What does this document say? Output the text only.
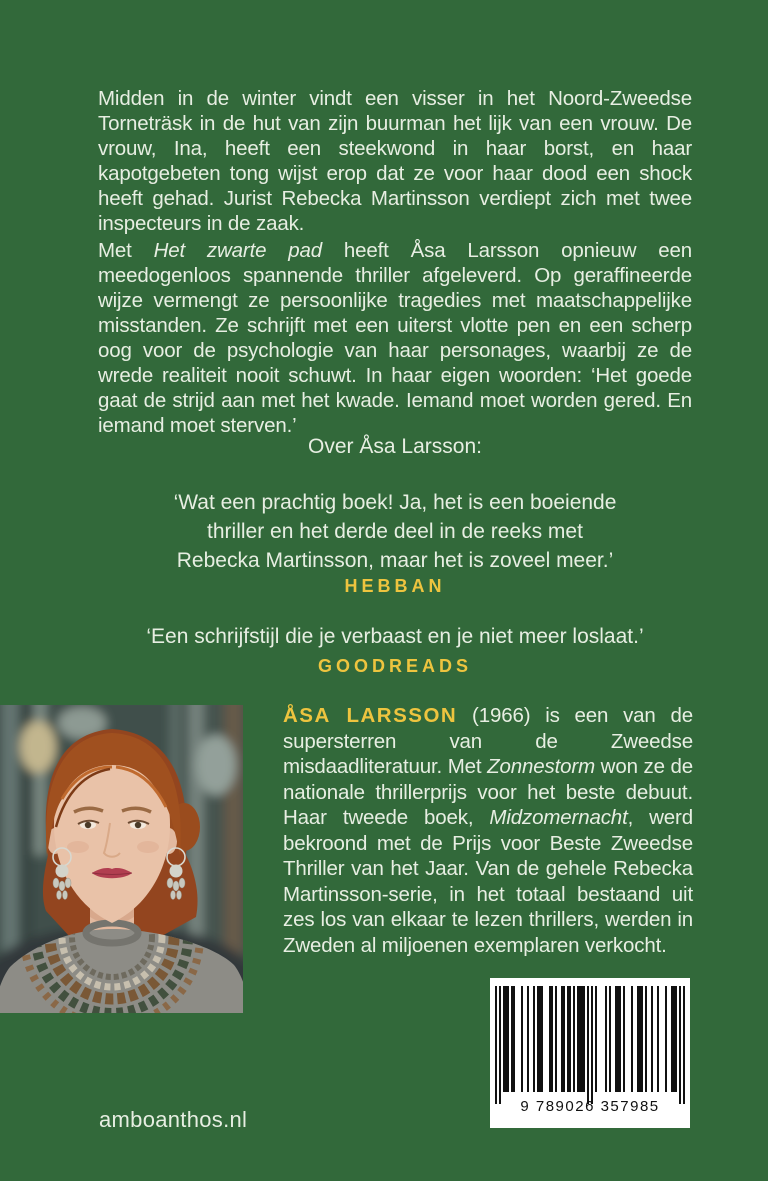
Midden in de winter vindt een visser in het Noord-Zweedse Torneträsk in de hut van zijn buurman het lijk van een vrouw. De vrouw, Ina, heeft een steekwond in haar borst, en haar kapotgebeten tong wijst erop dat ze voor haar dood een shock heeft gehad. Jurist Rebecka Martinsson verdiept zich met twee inspecteurs in de zaak.
Met Het zwarte pad heeft Åsa Larsson opnieuw een meedogenloos spannende thriller afgeleverd. Op geraffineerde wijze vermengt ze persoonlijke tragedies met maatschappelijke misstanden. Ze schrijft met een uiterst vlotte pen en een scherp oog voor de psychologie van haar personages, waarbij ze de wrede realiteit nooit schuwt. In haar eigen woorden: ‘Het goede gaat de strijd aan met het kwade. Iemand moet worden gered. En iemand moet sterven.’
Over Åsa Larsson:
‘Wat een prachtig boek! Ja, het is een boeiende thriller en het derde deel in de reeks met Rebecka Martinsson, maar het is zoveel meer.’
HEBBAN
‘Een schrijfstijl die je verbaast en je niet meer loslaat.’
GOODREADS
ÅSA LARSSON (1966) is een van de supersterren van de Zweedse misdaadliteratuur. Met Zonnestorm won ze de nationale thrillerprijs voor het beste debuut. Haar tweede boek, Midzomernacht, werd bekroond met de Prijs voor Beste Zweedse Thriller van het Jaar. Van de gehele Rebecka Martinsson-serie, in het totaal bestaand uit zes los van elkaar te lezen thrillers, werden in Zweden al miljoenen exemplaren verkocht.
9 789026 357985
amboanthos.nl
